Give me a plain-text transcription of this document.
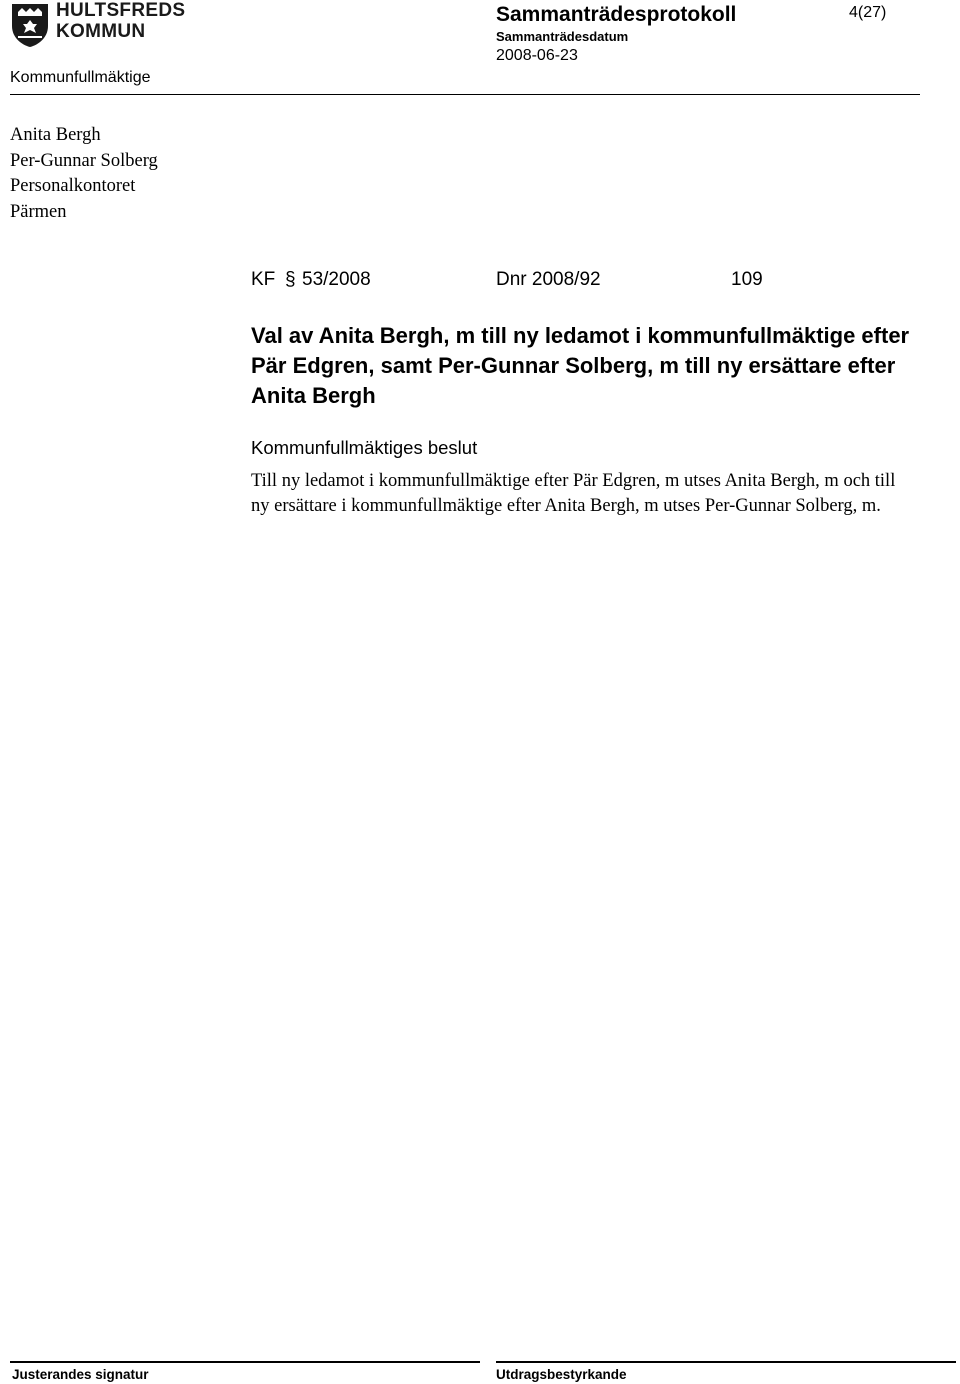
HULTSFREDS
KOMMUN
Sammanträdesprotokoll	4(27)
Sammanträdesdatum
2008-06-23
Kommunfullmäktige
Anita Bergh
Per-Gunnar Solberg
Personalkontoret
Pärmen
KF § 53/2008	Dnr 2008/92	109
Val av Anita Bergh, m till ny ledamot i kommunfullmäktige efter Pär Edgren, samt Per-Gunnar Solberg, m till ny ersättare efter Anita Bergh
Kommunfullmäktiges beslut
Till ny ledamot i kommunfullmäktige efter Pär Edgren, m utses Anita Bergh, m och till ny ersättare i kommunfullmäktige efter Anita Bergh, m utses Per-Gunnar Solberg, m.
Justerandes signatur	Utdragsbestyrkande
